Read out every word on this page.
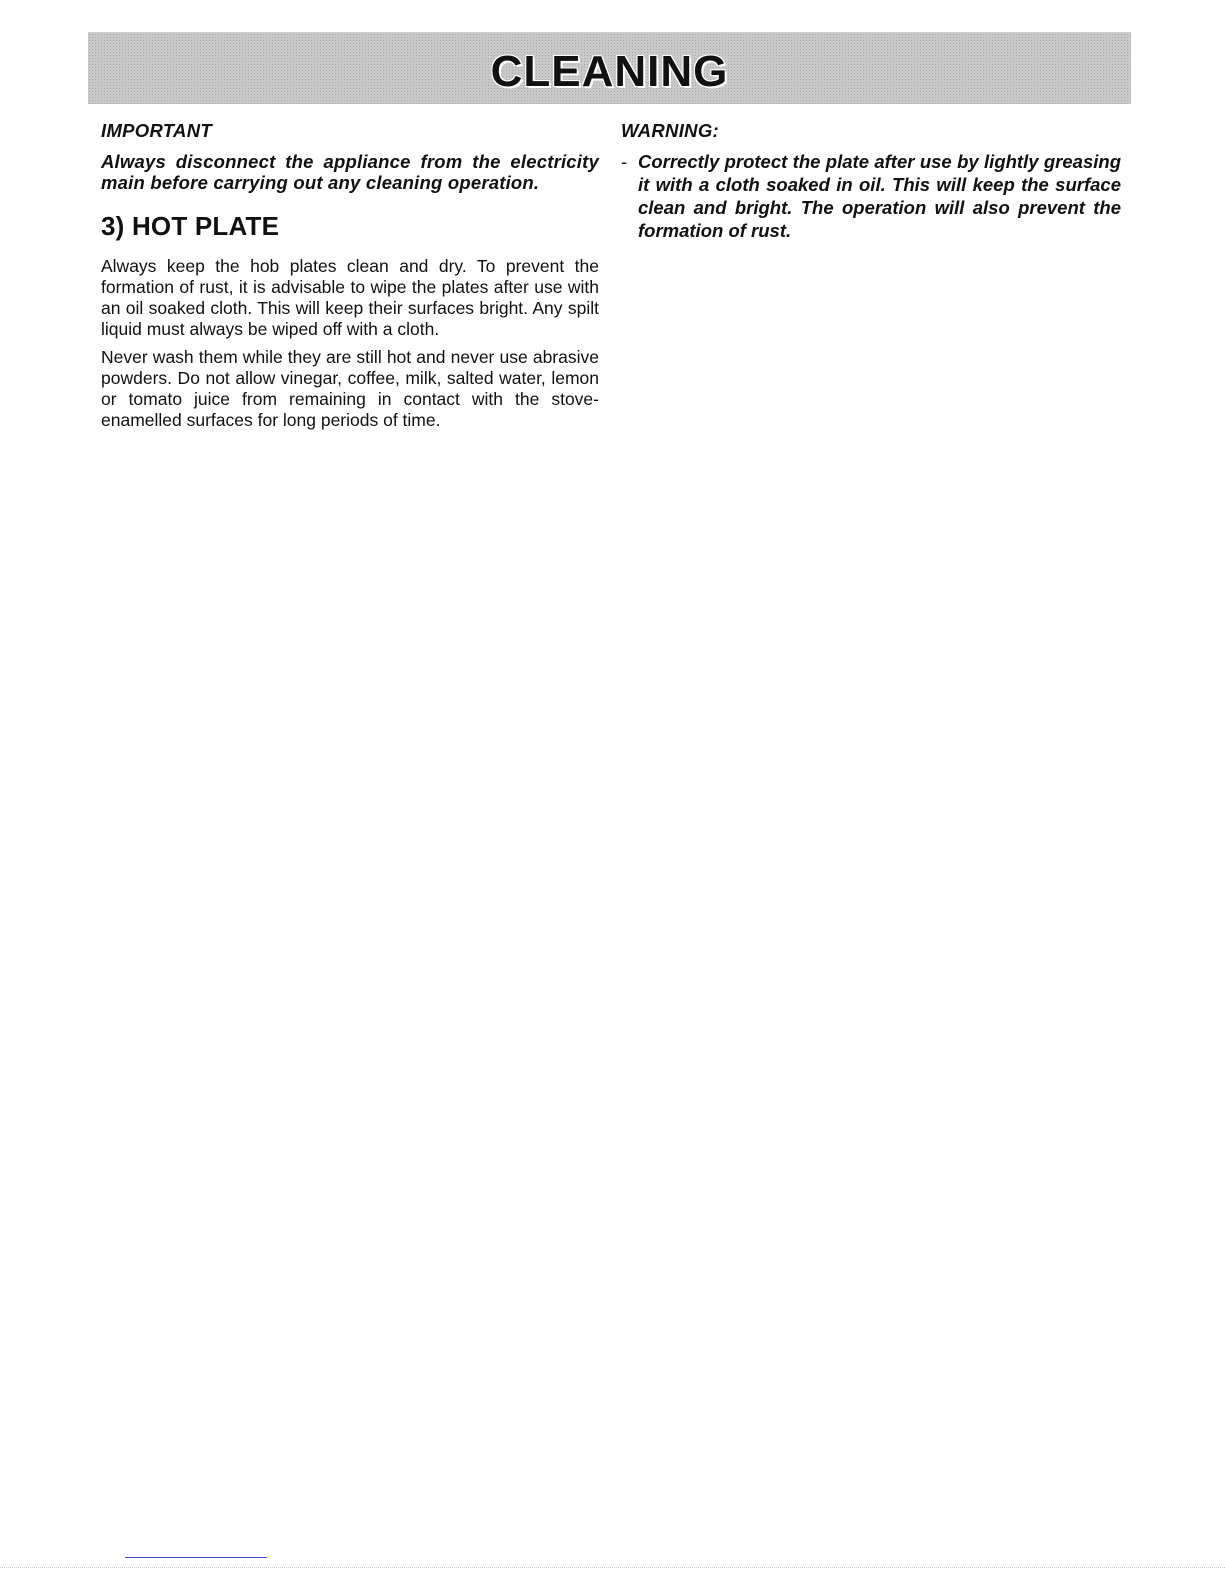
CLEANING
IMPORTANT

Always disconnect the appliance from the electricity main before carrying out any cleaning operation.

3) HOT PLATE

Always keep the hob plates clean and dry. To prevent the formation of rust, it is advisable to wipe the plates after use with an oil soaked cloth. This will keep their surfaces bright. Any spilt liquid must always be wiped off with a cloth.

Never wash them while they are still hot and never use abrasive powders. Do not allow vinegar, coffee, milk, salted water, lemon or tomato juice from remaining in contact with the stove-enamelled surfaces for long periods of time.

WARNING:
- Correctly protect the plate after use by lightly greasing it with a cloth soaked in oil. This will keep the surface clean and bright. The operation will also prevent the formation of rust.
